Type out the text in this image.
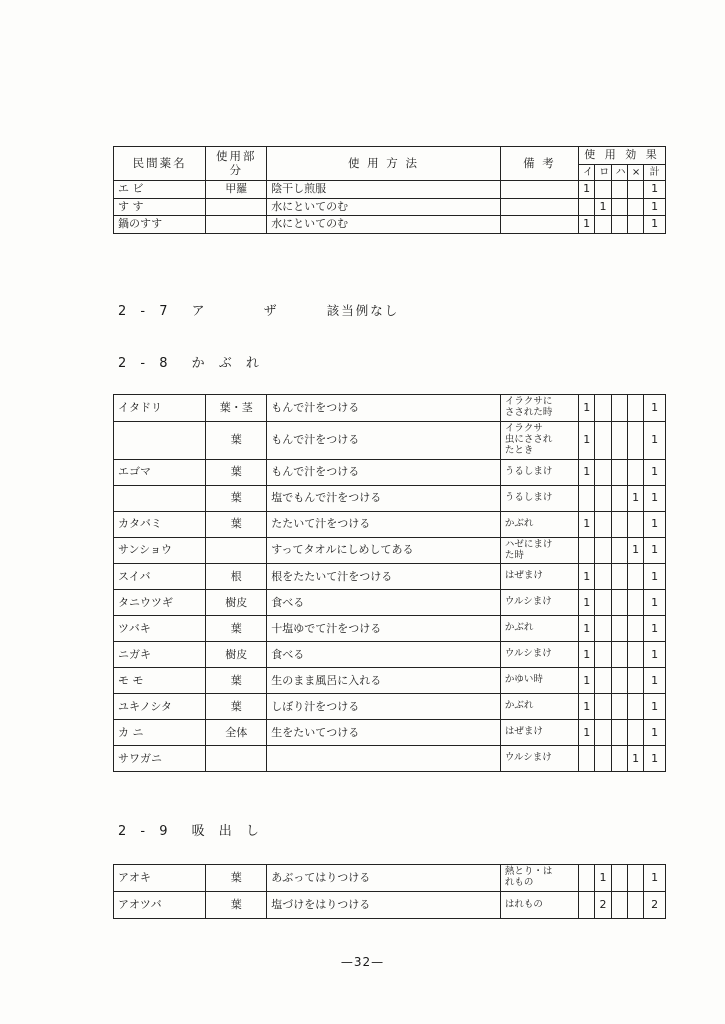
民間薬名	使用部分	使 用 方 法	備 考	使 用 効 果				
				イ	ロ	ハ	×	計
エ ビ	甲羅	陰干し煎服		1				1
す す		水にといてのむ			1			1
鍋のすす		水にといてのむ		1				1
2 - 7 ア　　　ザ	該当例なし
2 - 8 か ぶ れ
イタドリ	葉・茎	もんで汁をつける	イラクサに
さされた時	1				1
	葉	もんで汁をつける	イラクサ
虫にさされ
たとき	1				1
エゴマ	葉	もんで汁をつける	うるしまけ	1				1
	葉	塩でもんで汁をつける	うるしまけ				1	1
カタバミ	葉	たたいて汁をつける	かぶれ	1				1
サンショウ		すってタオルにしめしてある	ハゼにまけ
た時				1	1
スイバ	根	根をたたいて汁をつける	はぜまけ	1				1
タニウツギ	樹皮	食べる	ウルシまけ	1				1
ツバキ	葉	十塩ゆでて汁をつける	かぶれ	1				1
ニガキ	樹皮	食べる	ウルシまけ	1				1
モ モ	葉	生のまま風呂に入れる	かゆい時	1				1
ユキノシタ	葉	しぼり汁をつける	かぶれ	1				1
カ ニ	全体	生をたいてつける	はぜまけ	1				1
サワガニ			ウルシまけ				1	1
2 - 9 吸 出 し
アオキ	葉	あぶってはりつける	熱とり・は
れもの		1			1
アオツバ	葉	塩づけをはりつける	はれもの		2			2
—32—
